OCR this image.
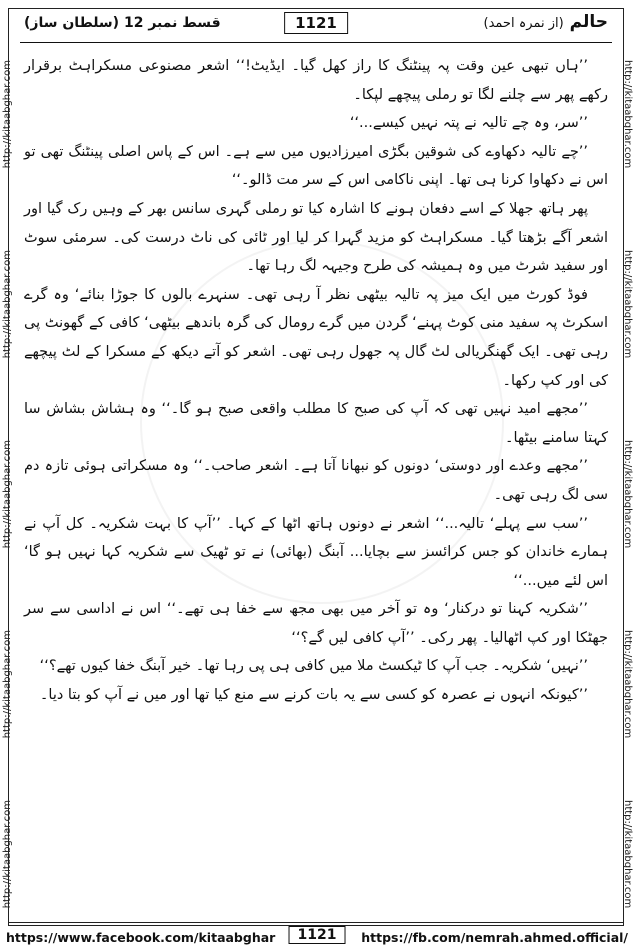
حالم (از نمرہ احمد)
1121
قسط نمبر 12 (سلطان ساز)
http://kitaabghar.com
http://kitaabghar.com
http://kitaabghar.com
http://kitaabghar.com
http://kitaabghar.com
http://kitaabghar.com
http://kitaabghar.com
http://kitaabghar.com
http://kitaabghar.com
http://kitaabghar.com

’’ہاں تبھی عین وقت پہ پینٹنگ کا راز کھل گیا۔ ایڈیٹ!‘‘ اشعر مصنوعی مسکراہٹ برقرار رکھے پھر سے چلنے لگا تو رملی پیچھے لپکا۔

’’سر، وہ چے تالیہ نے پتہ نہیں کیسے...‘‘

’’چے تالیہ دکھاوے کی شوقین بگڑی امیرزادیوں میں سے ہے۔ اس کے پاس اصلی پینٹنگ تھی تو اس نے دکھاوا کرنا ہی تھا۔ اپنی ناکامی اس کے سر مت ڈالو۔‘‘

پھر ہاتھ جھلا کے اسے دفعان ہونے کا اشارہ کیا تو رملی گہری سانس بھر کے وہیں رک گیا اور اشعر آگے بڑھتا گیا۔ مسکراہٹ کو مزید گہرا کر لیا اور ٹائی کی ناٹ درست کی۔ سرمئی سوٹ اور سفید شرٹ میں وہ ہمیشہ کی طرح وجیہہ لگ رہا تھا۔

فوڈ کورٹ میں ایک میز پہ تالیہ بیٹھی نظر آ رہی تھی۔ سنہرے بالوں کا جوڑا بنائے‘ وہ گرے اسکرٹ پہ سفید منی کوٹ پہنے‘ گردن میں گرے رومال کی گرہ باندھے بیٹھی‘ کافی کے گھونٹ پی رہی تھی۔ ایک گھنگریالی لٹ گال پہ جھول رہی تھی۔ اشعر کو آتے دیکھ کے مسکرا کے لٹ پیچھے کی اور کپ رکھا۔

’’مجھے امید نہیں تھی کہ آپ کی صبح کا مطلب واقعی صبح ہو گا۔‘‘ وہ ہشاش بشاش سا کہتا سامنے بیٹھا۔

’’مجھے وعدے اور دوستی‘ دونوں کو نبھانا آتا ہے۔ اشعر صاحب۔‘‘ وہ مسکراتی ہوئی تازہ دم سی لگ رہی تھی۔

’’سب سے پہلے‘ تالیہ...‘‘ اشعر نے دونوں ہاتھ اٹھا کے کہا۔ ’’آپ کا بہت شکریہ۔ کل آپ نے ہمارے خاندان کو جس کرائسز سے بچایا... آبنگ (بھائی) نے تو ٹھیک سے شکریہ کہا نہیں ہو گا‘ اس لئے میں...‘‘

’’شکریہ کہنا تو درکنار‘ وہ تو آخر میں بھی مجھ سے خفا ہی تھے۔‘‘ اس نے اداسی سے سر جھٹکا اور کپ اٹھالیا۔ پھر رکی۔ ’’آپ کافی لیں گے؟‘‘

’’نہیں‘ شکریہ۔ جب آپ کا ٹیکسٹ ملا میں کافی ہی پی رہا تھا۔ خیر آبنگ خفا کیوں تھے؟‘‘

’’کیونکہ انہوں نے عصرہ کو کسی سے یہ بات کرنے سے منع کیا تھا اور میں نے آپ کو بتا دیا۔

https://www.facebook.com/kitaabghar	1121	https://fb.com/nemrah.ahmed.official/
